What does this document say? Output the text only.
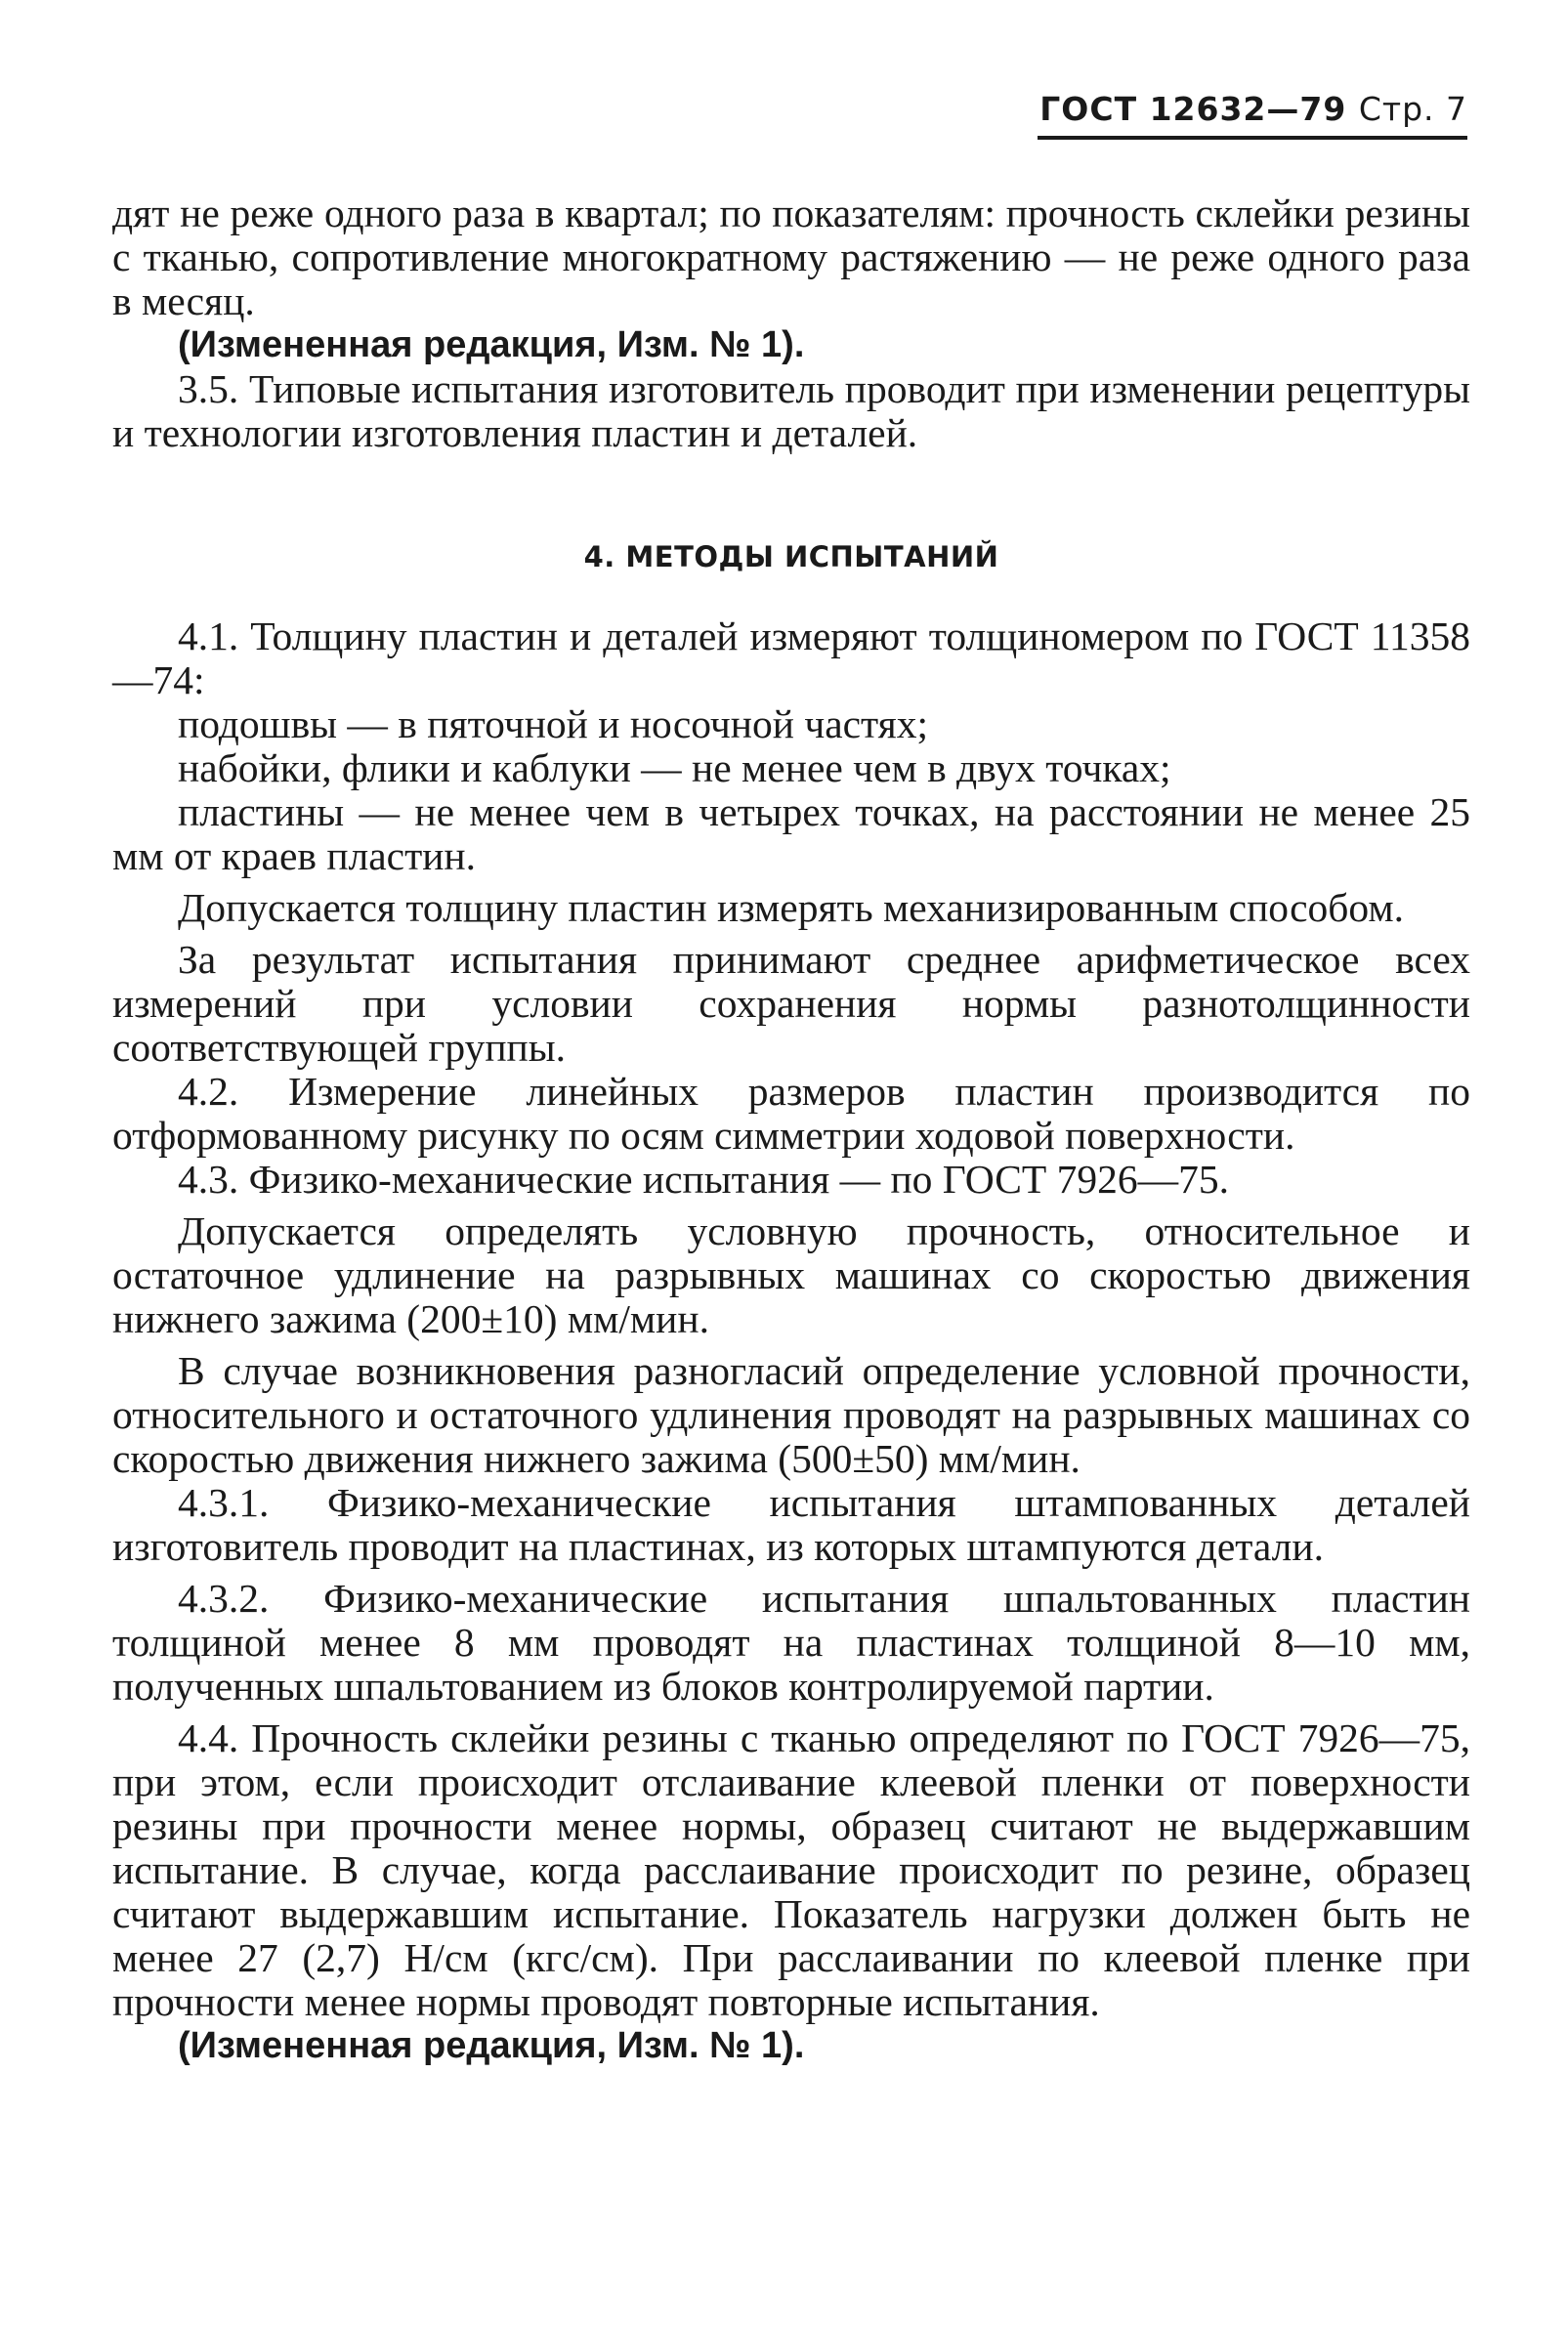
ГОСТ 12632—79 Стр. 7

дят не реже одного раза в квартал; по показателям: прочность склейки резины с тканью, сопротивление многократному растяжению — не реже одного раза в месяц.

(Измененная редакция, Изм. № 1).

3.5. Типовые испытания изготовитель проводит при изменении рецептуры и технологии изготовления пластин и деталей.

4. МЕТОДЫ ИСПЫТАНИЙ

4.1. Толщину пластин и деталей измеряют толщиномером по ГОСТ 11358—74:

подошвы — в пяточной и носочной частях;

набойки, флики и каблуки — не менее чем в двух точках;

пластины — не менее чем в четырех точках, на расстоянии не менее 25 мм от краев пластин.

Допускается толщину пластин измерять механизированным способом.

За результат испытания принимают среднее арифметическое всех измерений при условии сохранения нормы разнотолщинности соответствующей группы.

4.2. Измерение линейных размеров пластин производится по отформованному рисунку по осям симметрии ходовой поверхности.

4.3. Физико-механические испытания — по ГОСТ 7926—75.

Допускается определять условную прочность, относительное и остаточное удлинение на разрывных машинах со скоростью движения нижнего зажима (200±10) мм/мин.

В случае возникновения разногласий определение условной прочности, относительного и остаточного удлинения проводят на разрывных машинах со скоростью движения нижнего зажима (500±50) мм/мин.

4.3.1. Физико-механические испытания штампованных деталей изготовитель проводит на пластинах, из которых штампуются детали.

4.3.2. Физико-механические испытания шпальтованных пластин толщиной менее 8 мм проводят на пластинах толщиной 8—10 мм, полученных шпальтованием из блоков контролируемой партии.

4.4. Прочность склейки резины с тканью определяют по ГОСТ 7926—75, при этом, если происходит отслаивание клеевой пленки от поверхности резины при прочности менее нормы, образец считают не выдержавшим испытание. В случае, когда расслаивание происходит по резине, образец считают выдержавшим испытание. Показатель нагрузки должен быть не менее 27 (2,7) Н/см (кгс/см). При расслаивании по клеевой пленке при прочности менее нормы проводят повторные испытания.

(Измененная редакция, Изм. № 1).
